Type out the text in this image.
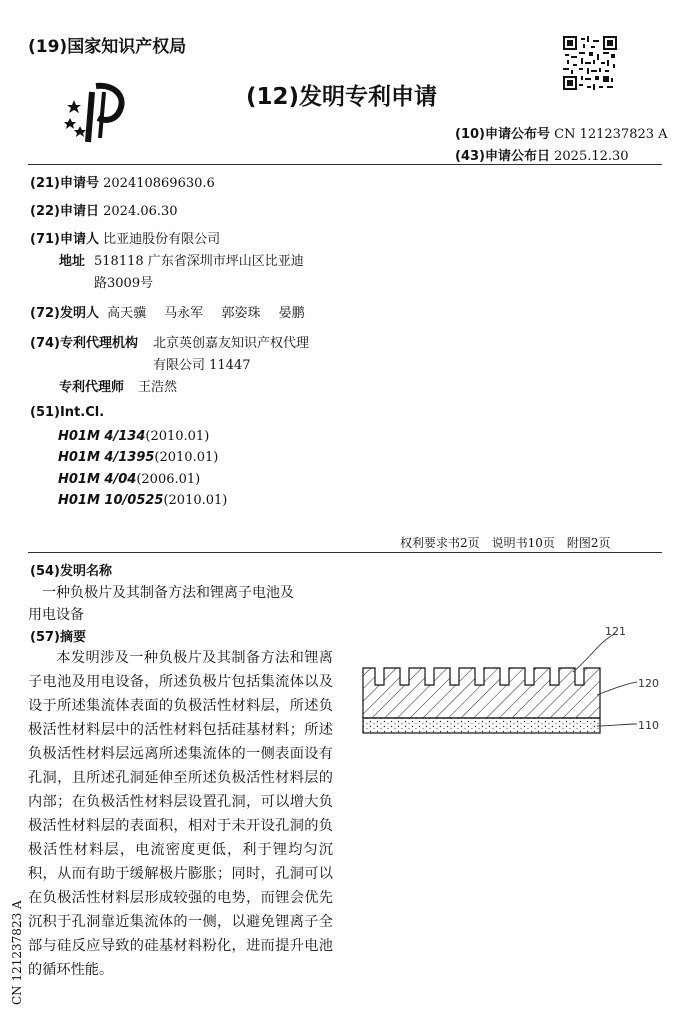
(19)国家知识产权局
(12)发明专利申请
(10)申请公布号 CN 121237823 A
(43)申请公布日 2025.12.30
(21)申请号 202410869630.6
(22)申请日 2024.06.30
(71)申请人 比亚迪股份有限公司
地址 518118 广东省深圳市坪山区比亚迪
路3009号
(72)发明人 高天骥 马永军 郭姿珠 晏鹏
(74)专利代理机构 北京英创嘉友知识产权代理
有限公司 11447
专利代理师 王浩然
(51)Int.Cl.
H01M 4/134(2010.01)
H01M 4/1395(2010.01)
H01M 4/04(2006.01)
H01M 10/0525(2010.01)
权利要求书2页　说明书10页　附图2页
(54)发明名称
一种负极片及其制备方法和锂离子电池及
用电设备
(57)摘要
本发明涉及一种负极片及其制备方法和锂离子电池及用电设备，所述负极片包括集流体以及设于所述集流体表面的负极活性材料层，所述负极活性材料层中的活性材料包括硅基材料；所述负极活性材料层远离所述集流体的一侧表面设有孔洞，且所述孔洞延伸至所述负极活性材料层的内部；在负极活性材料层设置孔洞，可以增大负极活性材料层的表面积，相对于未开设孔洞的负极活性材料层，电流密度更低，利于锂均匀沉积，从而有助于缓解极片膨胀；同时，孔洞可以在负极活性材料层形成较强的电势，而锂会优先沉积于孔洞靠近集流体的一侧，以避免锂离子全部与硅反应导致的硅基材料粉化，进而提升电池的循环性能。
121
120
110
CN 121237823 A
